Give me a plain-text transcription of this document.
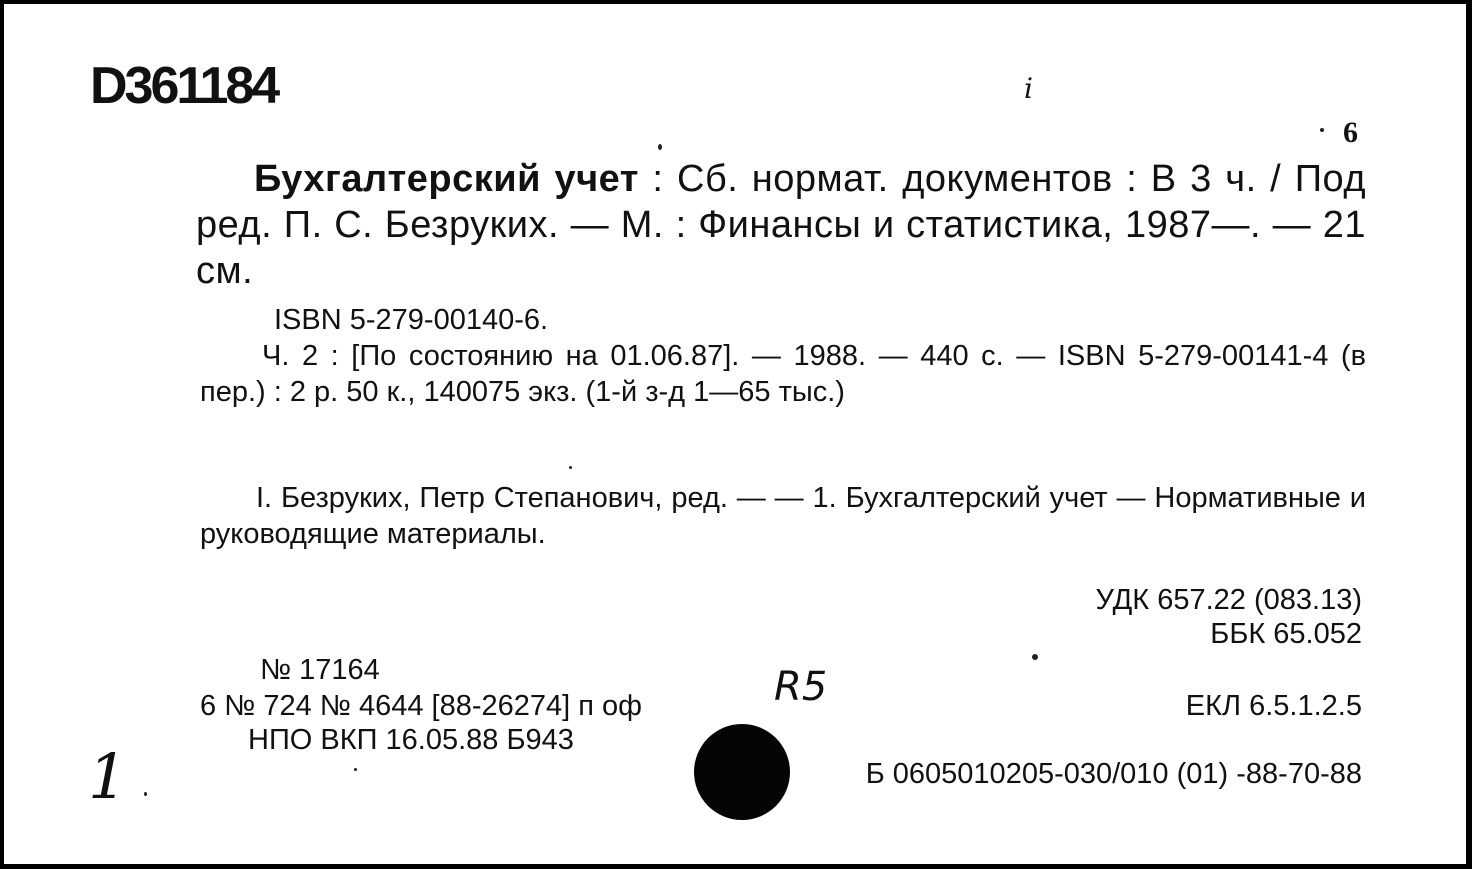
D361184	i
6
Бухгалтерский учет : Сб. нормат. документов : В 3 ч. / Под ред. П. С. Безруких. — М. : Финансы и статистика, 1987—. — 21 см.
ISBN 5-279-00140-6.
Ч. 2 : [По состоянию на 01.06.87]. — 1988. — 440 с. — ISBN 5-279-00141-4 (в пер.) : 2 р. 50 к., 140075 экз. (1-й з-д 1—65 тыс.)
I. Безруких, Петр Степанович, ред. — — 1. Бухгалтерский учет — Нормативные и руководящие материалы.
УДК 657.22 (083.13)
ББК 65.052
№ 17164
6 № 724 № 4644 [88-26274] п оф	R5	ЕКЛ 6.5.1.2.5
НПО ВКП 16.05.88 Б943
Б 0605010205-030/010 (01) -88-70-88
1
